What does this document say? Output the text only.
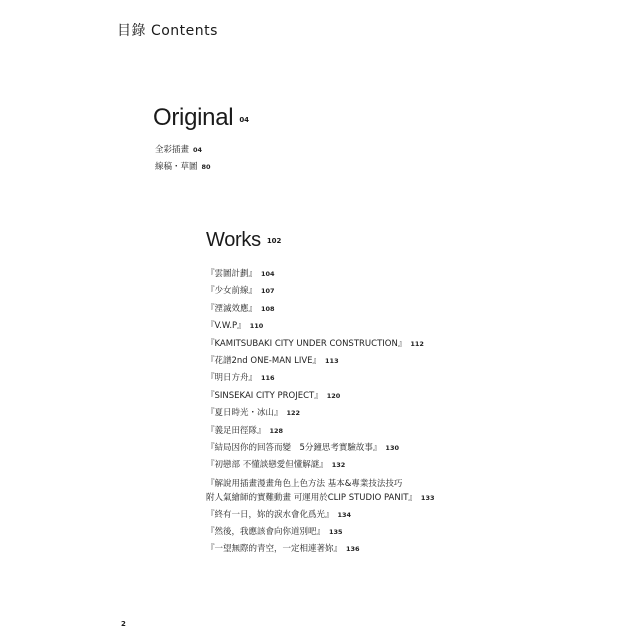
目錄 Contents
Original 04
全彩插畫 04
線稿・草圖 80
Works 102
『雲圖計劃』 104
『少女前線』 107
『湮滅效應』 108
『V.W.P』 110
『KAMITSUBAKI CITY UNDER CONSTRUCTION』 112
『花譜2nd ONE-MAN LIVE』 113
『明日方舟』 116
『SINSEKAI CITY PROJECT』 120
『夏日時光・冰山』 122
『義足田徑隊』 128
『結局因你的回答而變　5分鐘思考實驗故事』 130
『初戀部 不懂談戀愛但懂解謎』 132
『解說用插畫漫畫角色上色方法 基本&專業技法技巧
附人氣繪師的實難動畫 可運用於CLIP STUDIO PANIT』 133
『終有一日，妳的淚水會化爲光』 134
『然後，我應該會向你道別吧』 135
『一望無際的青空，一定相連著妳』 136
2
